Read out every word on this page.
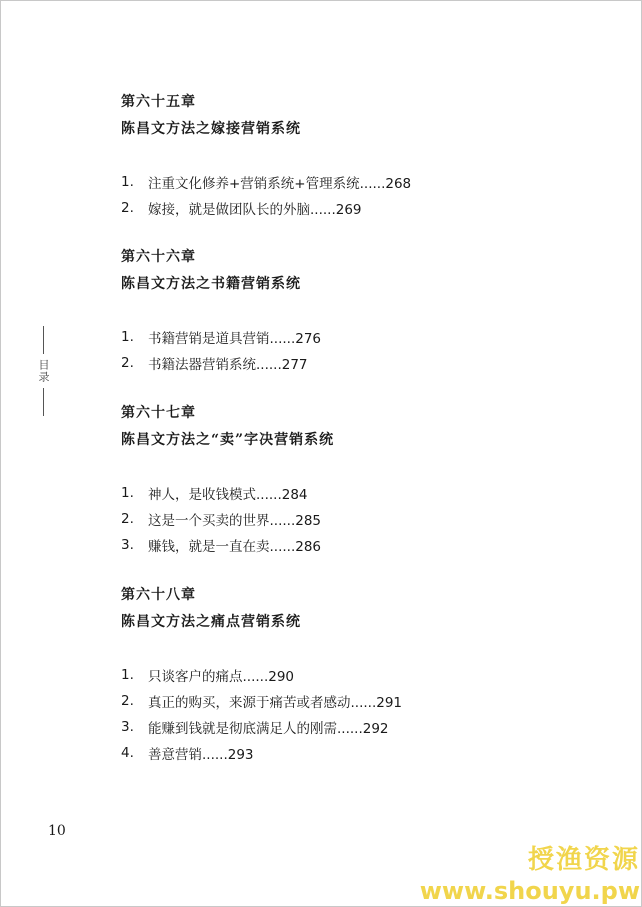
目录
第六十五章
陈昌文方法之嫁接营销系统
1.	注重文化修养+营销系统+管理系统......268
2.	嫁接，就是做团队长的外脑......269
第六十六章
陈昌文方法之书籍营销系统
1.	书籍营销是道具营销......276
2.	书籍法器营销系统......277
第六十七章
陈昌文方法之“卖”字决营销系统
1.	神人，是收钱模式......284
2.	这是一个买卖的世界......285
3.	赚钱，就是一直在卖......286
第六十八章
陈昌文方法之痛点营销系统
1.	只谈客户的痛点......290
2.	真正的购买，来源于痛苦或者感动......291
3.	能赚到钱就是彻底满足人的刚需......292
4.	善意营销......293
10
授渔资源
www.shouyu.pw
